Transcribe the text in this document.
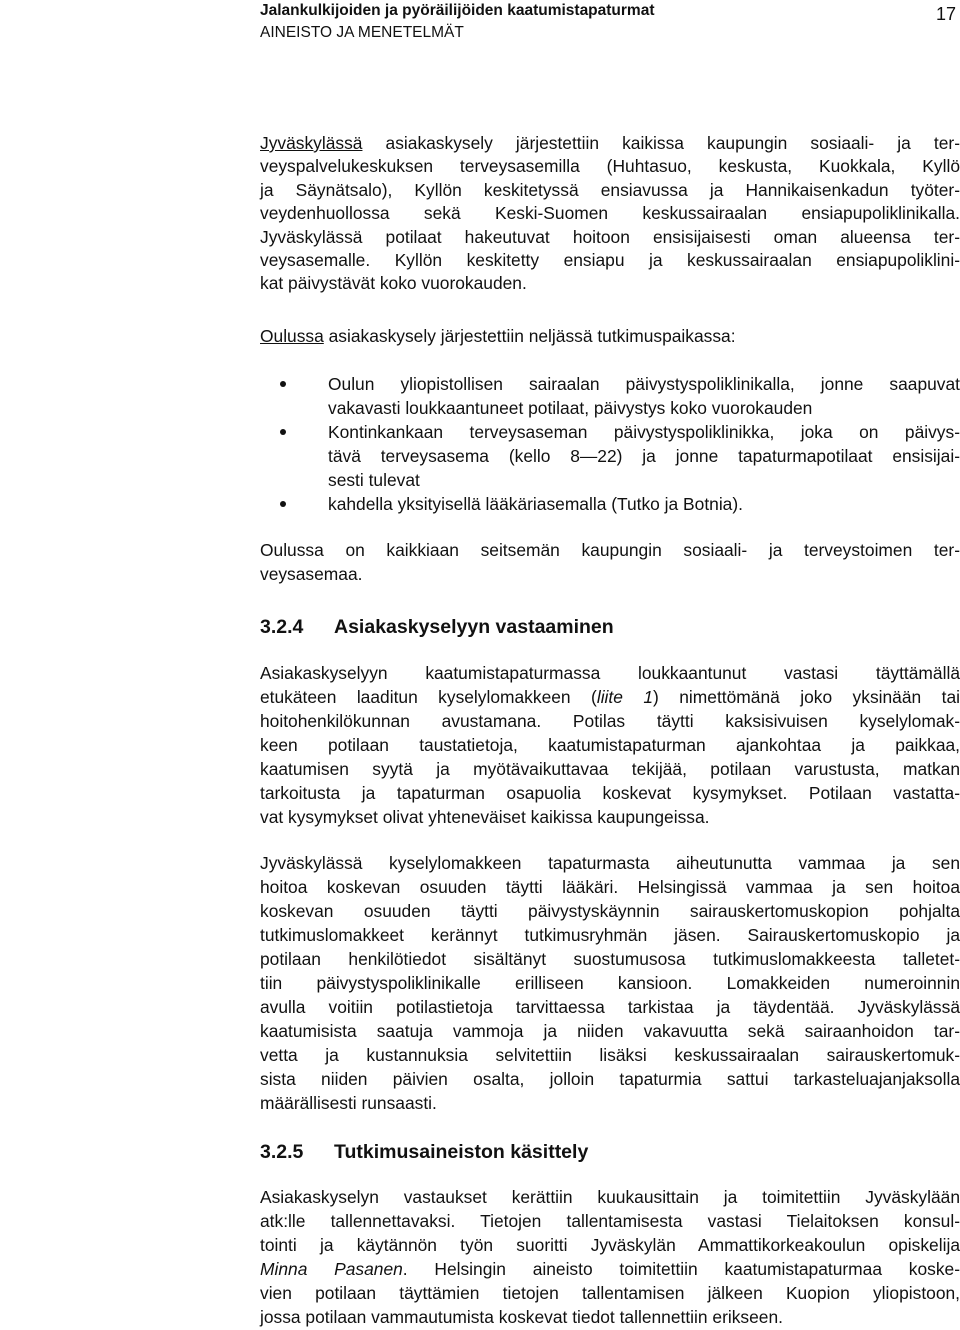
Jalankulkijoiden ja pyöräilijöiden kaatumistapaturmat
AINEISTO JA MENETELMÄT
17
Jyväskylässä asiakaskysely järjestettiin kaikissa kaupungin sosiaali- ja ter-
veyspalvelukeskuksen terveysasemilla (Huhtasuo, keskusta, Kuokkala, Kyllö
ja Säynätsalo), Kyllön keskitetyssä ensiavussa ja Hannikaisenkadun työter-
veydenhuollossa sekä Keski-Suomen keskussairaalan ensiapupoliklinikalla.
Jyväskylässä potilaat hakeutuvat hoitoon ensisijaisesti oman alueensa ter-
veysasemalle. Kyllön keskitetty ensiapu ja keskussairaalan ensiapupoliklini-
kat päivystävät koko vuorokauden.
Oulussa asiakaskysely järjestettiin neljässä tutkimuspaikassa:
Oulun yliopistollisen sairaalan päivystyspoliklinikalla, jonne saapuvat
vakavasti loukkaantuneet potilaat, päivystys koko vuorokauden
Kontinkankaan terveysaseman päivystyspoliklinikka, joka on päivys-
tävä terveysasema (kello 8—22) ja jonne tapaturmapotilaat ensisijai-
sesti tulevat
kahdella yksityisellä lääkäriasemalla (Tutko ja Botnia).
Oulussa on kaikkiaan seitsemän kaupungin sosiaali- ja terveystoimen ter-
veysasemaa.
3.2.4 Asiakaskyselyyn vastaaminen
Asiakaskyselyyn kaatumistapaturmassa loukkaantunut vastasi täyttämällä
etukäteen laaditun kyselylomakkeen (liite 1) nimettömänä joko yksinään tai
hoitohenkilökunnan avustamana. Potilas täytti kaksisivuisen kyselylomak-
keen potilaan taustatietoja, kaatumistapaturman ajankohtaa ja paikkaa,
kaatumisen syytä ja myötävaikuttavaa tekijää, potilaan varustusta, matkan
tarkoitusta ja tapaturman osapuolia koskevat kysymykset. Potilaan vastatta-
vat kysymykset olivat yhteneväiset kaikissa kaupungeissa.
Jyväskylässä kyselylomakkeen tapaturmasta aiheutunutta vammaa ja sen
hoitoa koskevan osuuden täytti lääkäri. Helsingissä vammaa ja sen hoitoa
koskevan osuuden täytti päivystyskäynnin sairauskertomuskopion pohjalta
tutkimuslomakkeet kerännyt tutkimusryhmän jäsen. Sairauskertomuskopio ja
potilaan henkilötiedot sisältänyt suostumusosa tutkimuslomakkeesta talletet-
tiin päivystyspoliklinikalle erilliseen kansioon. Lomakkeiden numeroinnin
avulla voitiin potilastietoja tarvittaessa tarkistaa ja täydentää. Jyväskylässä
kaatumisista saatuja vammoja ja niiden vakavuutta sekä sairaanhoidon tar-
vetta ja kustannuksia selvitettiin lisäksi keskussairaalan sairauskertomuk-
sista niiden päivien osalta, jolloin tapaturmia sattui tarkasteluajanjaksolla
määrällisesti runsaasti.
3.2.5 Tutkimusaineiston käsittely
Asiakaskyselyn vastaukset kerättiin kuukausittain ja toimitettiin Jyväskylään
atk:lle tallennettavaksi. Tietojen tallentamisesta vastasi Tielaitoksen konsul-
tointi ja käytännön työn suoritti Jyväskylän Ammattikorkeakoulun opiskelija
Minna Pasanen. Helsingin aineisto toimitettiin kaatumistapaturmaa koske-
vien potilaan täyttämien tietojen tallentamisen jälkeen Kuopion yliopistoon,
jossa potilaan vammautumista koskevat tiedot tallennettiin erikseen.
